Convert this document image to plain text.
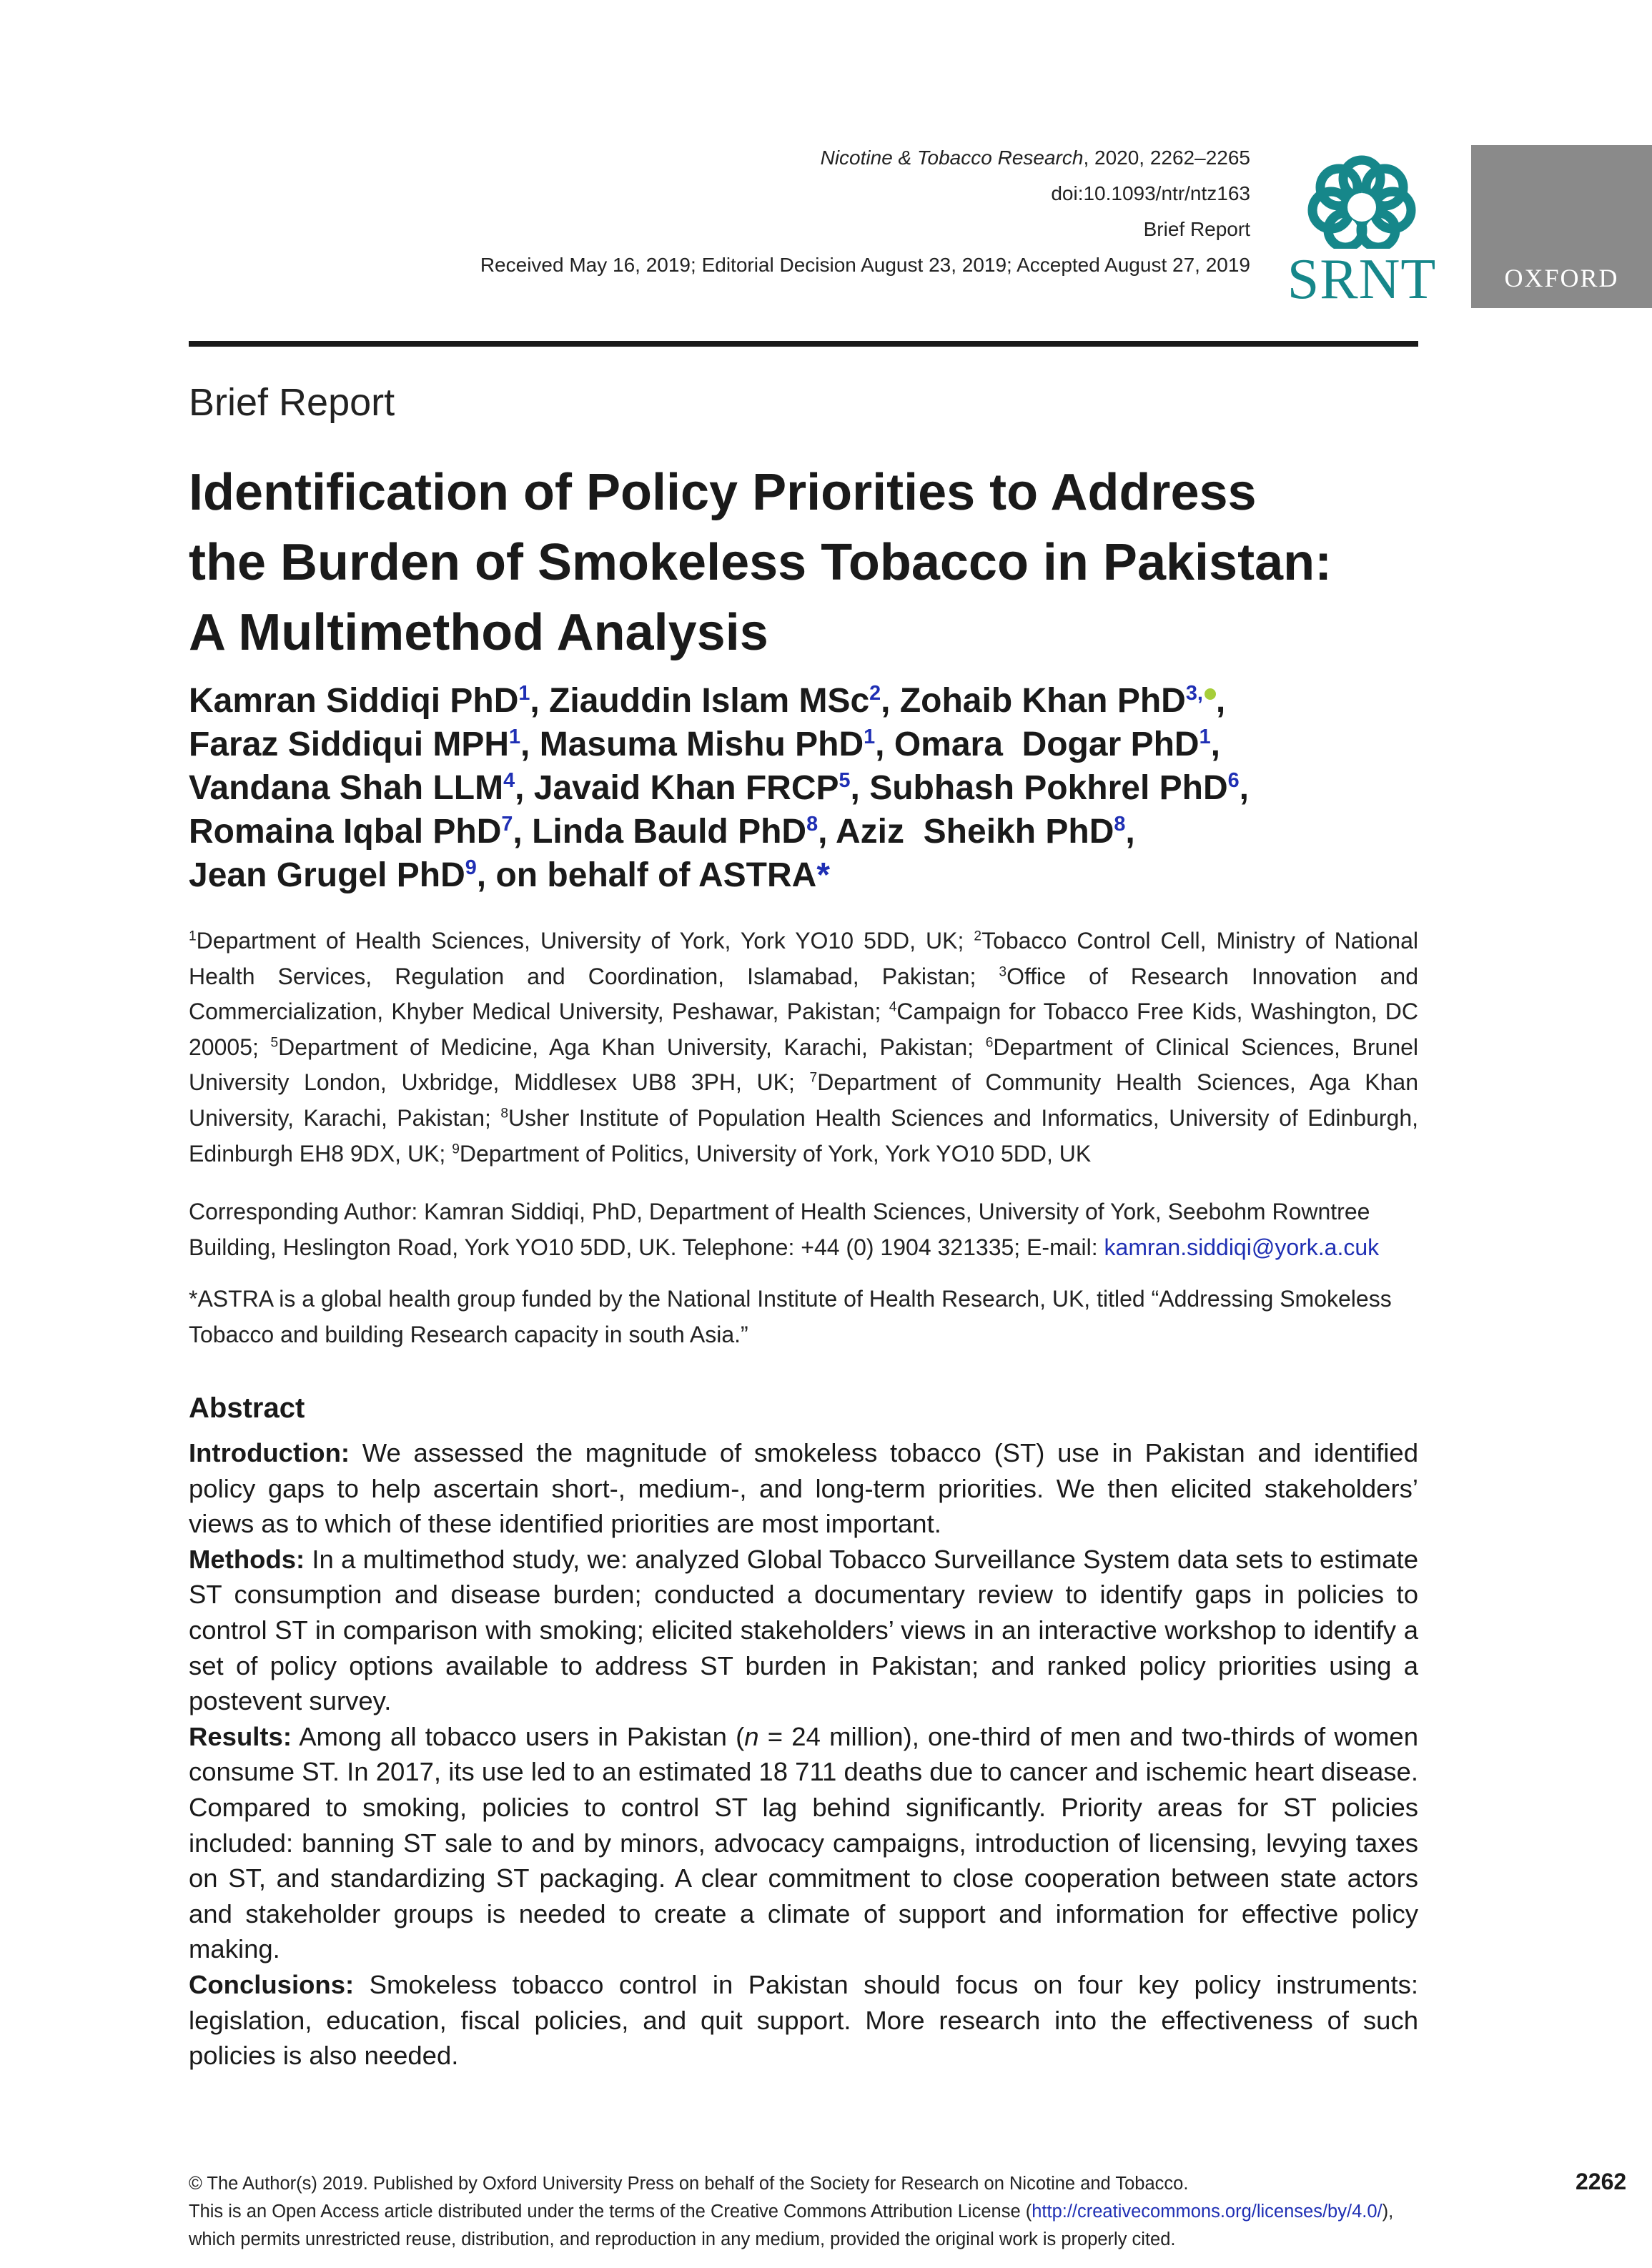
Nicotine & Tobacco Research, 2020, 2262–2265
doi:10.1093/ntr/ntz163
Brief Report
Received May 16, 2019; Editorial Decision August 23, 2019; Accepted August 27, 2019 SRNT	OXFORD
Brief Report
Identification of Policy Priorities to Address
the Burden of Smokeless Tobacco in Pakistan:
A Multimethod Analysis
Kamran Siddiqi PhD$^1$, Ziauddin Islam MSc$^2$, Zohaib Khan PhD$^{3,}$ ,
Faraz Siddiqui MPH$^1$, Masuma Mishu PhD$^1$, Omara  Dogar PhD$^1$,
Vandana Shah LLM$^4$, Javaid Khan FRCP$^5$, Subhash Pokhrel PhD$^6$,
Romaina Iqbal PhD$^7$, Linda Bauld PhD$^8$, Aziz  Sheikh PhD$^8$,
Jean Grugel PhD$^9$, on behalf of ASTRA*
$^1$Department of Health Sciences, University of York, York YO10 5DD, UK; $^2$Tobacco Control Cell, Ministry of National Health Services, Regulation and Coordination, Islamabad, Pakistan; $^3$Office of Research Innovation and Commercialization, Khyber Medical University, Peshawar, Pakistan; $^4$Campaign for Tobacco Free Kids, Washington, DC 20005; $^5$Department of Medicine, Aga Khan University, Karachi, Pakistan; $^6$Department of Clinical Sciences, Brunel University London, Uxbridge, Middlesex UB8 3PH, UK; $^7$Department of Community Health Sciences, Aga Khan University, Karachi, Pakistan; $^8$Usher Institute of Population Health Sciences and Informatics, University of Edinburgh, Edinburgh EH8 9DX, UK; $^9$Department of Politics, University of York, York YO10 5DD, UK
Corresponding Author: Kamran Siddiqi, PhD, Department of Health Sciences, University of York, Seebohm Rowntree Building, Heslington Road, York YO10 5DD, UK. Telephone: +44 (0) 1904 321335; E-mail: kamran.siddiqi@york.a.cuk
*ASTRA is a global health group funded by the National Institute of Health Research, UK, titled “Addressing Smokeless Tobacco and building Research capacity in south Asia.”
Abstract

Introduction: We assessed the magnitude of smokeless tobacco (ST) use in Pakistan and identified policy gaps to help ascertain short-, medium-, and long-term priorities. We then elicited stakeholders’ views as to which of these identified priorities are most important.

Methods: In a multimethod study, we: analyzed Global Tobacco Surveillance System data sets to estimate ST consumption and disease burden; conducted a documentary review to identify gaps in policies to control ST in comparison with smoking; elicited stakeholders’ views in an interactive workshop to identify a set of policy options available to address ST burden in Pakistan; and ranked policy priorities using a postevent survey.

Results: Among all tobacco users in Pakistan (n = 24 million), one-third of men and two-thirds of women consume ST. In 2017, its use led to an estimated 18 711 deaths due to cancer and ischemic heart disease. Compared to smoking, policies to control ST lag behind significantly. Priority areas for ST policies included: banning ST sale to and by minors, advocacy campaigns, introduction of licensing, levying taxes on ST, and standardizing ST packaging. A clear commitment to close cooperation between state actors and stakeholder groups is needed to create a climate of support and information for effective policy making.

Conclusions: Smokeless tobacco control in Pakistan should focus on four key policy instruments: legislation, education, fiscal policies, and quit support. More research into the effectiveness of such policies is also needed.

© The Author(s) 2019. Published by Oxford University Press on behalf of the Society for Research on Nicotine and Tobacco.
This is an Open Access article distributed under the terms of the Creative Commons Attribution License (http://creativecommons.org/licenses/by/4.0/),
which permits unrestricted reuse, distribution, and reproduction in any medium, provided the original work is properly cited.
2262
